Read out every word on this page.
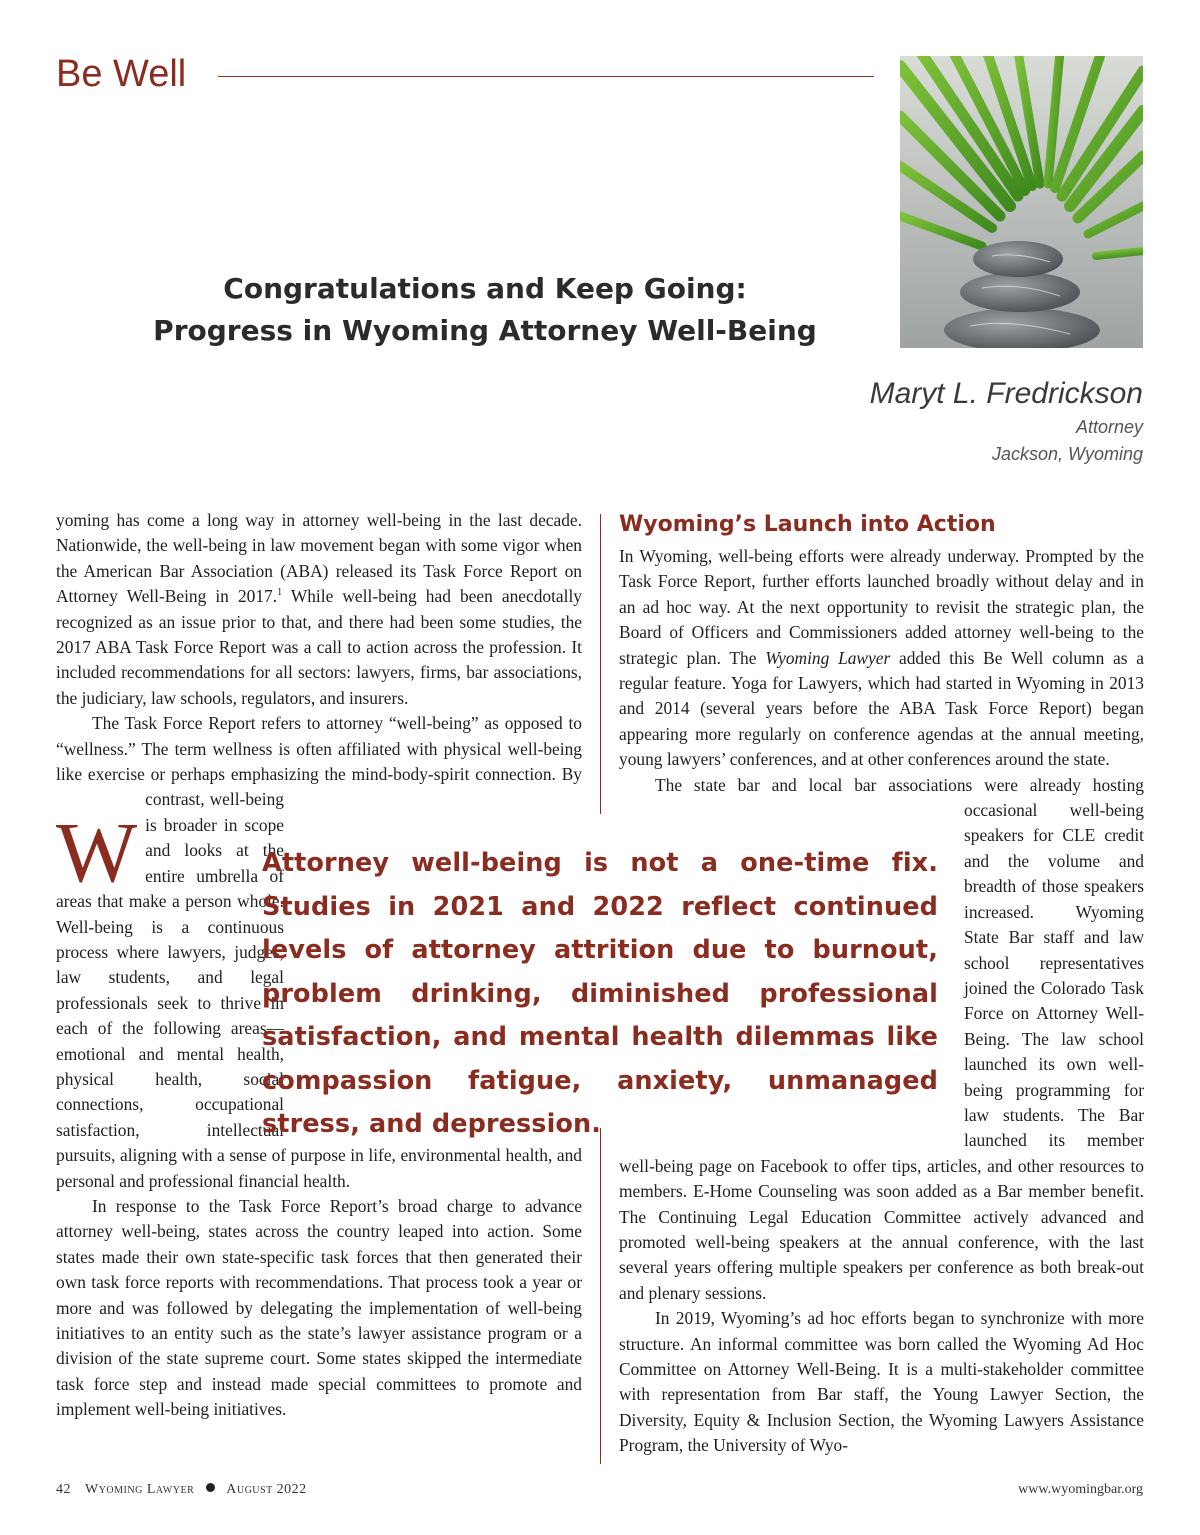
Be Well
Congratulations and Keep Going:
Progress in Wyoming Attorney Well-Being
Maryt L. Fredrickson
Attorney
Jackson, Wyoming

W
yoming has come a long way in attorney well-being in the last decade. Nationwide, the well-being in law movement began with some vigor when the American Bar Association (ABA) released its Task Force Report on Attorney Well-Being in 2017.$^1$ While well-being had been anecdotally recognized as an issue prior to that, and there had been some studies, the 2017 ABA Task Force Report was a call to action across the profession. It included recommendations for all sectors: lawyers, firms, bar associations, the judiciary, law schools, regulators, and insurers.

The Task Force Report refers to attorney “well-being” as opposed to “wellness.” The term wellness is often affiliated with physical well-being like exercise or perhaps emphasizing the mind-body-spirit connection. By contrast, well-being is broader in scope and looks at the entire umbrella of areas that make a person whole. Well-being is a continuous process where lawyers, judges, law students, and legal professionals seek to thrive in each of the following areas—emotional and mental health, physical health, social connections, occupational satisfaction, intellectual pursuits, aligning with a sense of purpose in life, environmental health, and personal and professional financial health.

In response to the Task Force Report’s broad charge to advance attorney well-being, states across the country leaped into action. Some states made their own state-specific task forces that then generated their own task force reports with recommendations. That process took a year or more and was followed by delegating the implementation of well-being initiatives to an entity such as the state’s lawyer assistance program or a division of the state supreme court. Some states skipped the intermediate task force step and instead made special committees to promote and implement well-being initiatives.

Wyoming’s Launch into Action

In Wyoming, well-being efforts were already underway. Prompted by the Task Force Report, further efforts launched broadly without delay and in an ad hoc way. At the next opportunity to revisit the strategic plan, the Board of Officers and Commissioners added attorney well-being to the strategic plan. The Wyoming Lawyer added this Be Well column as a regular feature. Yoga for Lawyers, which had started in Wyoming in 2013 and 2014 (several years before the ABA Task Force Report) began appearing more regularly on conference agendas at the annual meeting, young lawyers’ conferences, and at other conferences around the state.

The state bar and local bar associations were already hosting occasional well-being speakers for CLE credit and the volume and breadth of those speakers increased. Wyoming State Bar staff and law school representatives joined the Colorado Task Force on Attorney Well-Being. The law school launched its own well-being programming for law students. The Bar launched its member well-being page on Facebook to offer tips, articles, and other resources to members. E-Home Counseling was soon added as a Bar member benefit. The Continuing Legal Education Committee actively advanced and promoted well-being speakers at the annual conference, with the last several years offering multiple speakers per conference as both break-out and plenary sessions.

In 2019, Wyoming’s ad hoc efforts began to synchronize with more structure. An informal committee was born called the Wyoming Ad Hoc Committee on Attorney Well-Being. It is a multi-stakeholder committee with representation from Bar staff, the Young Lawyer Section, the Diversity, Equity & Inclusion Section, the Wyoming Lawyers Assistance Program, the University of Wyo-

Attorney well-being is not a one-time fix. Studies in 2021 and 2022 reflect continued levels of attorney attrition due to burnout, problem drinking, diminished professional satisfaction, and mental health dilemmas like compassion fatigue, anxiety, unmanaged stress, and depression.

42 Wyoming Lawyer August 2022	www.wyomingbar.org
